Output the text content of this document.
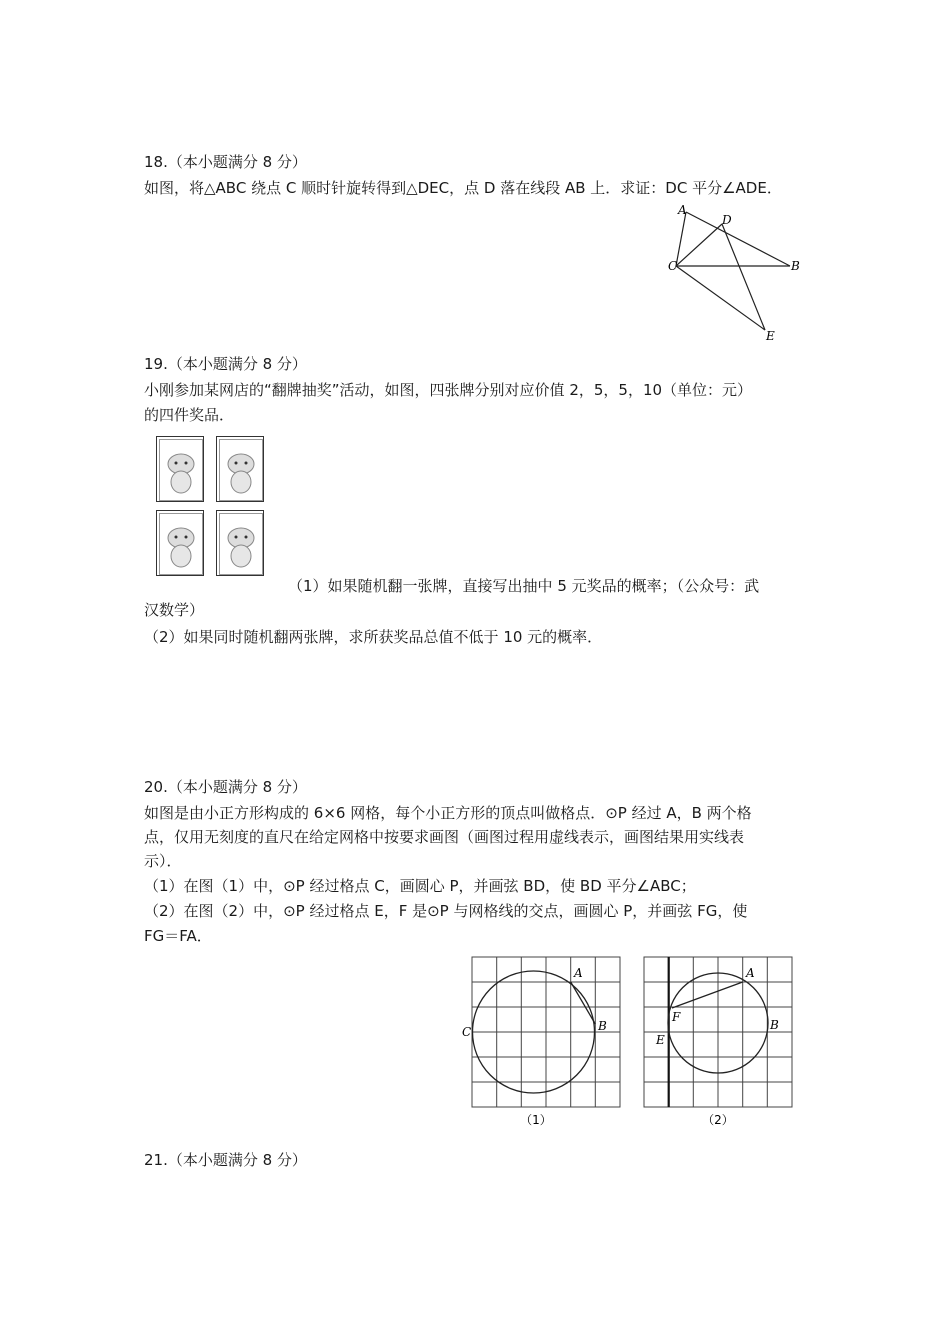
18.（本小题满分 8 分）
如图，将△ABC 绕点 C 顺时针旋转得到△DEC，点 D 落在线段 AB 上．求证：DC 平分∠ADE．
A
D
C	B
E
19.（本小题满分 8 分）
小刚参加某网店的“翻牌抽奖”活动，如图，四张牌分别对应价值 2，5，5，10（单位：元）
的四件奖品．
（1）如果随机翻一张牌，直接写出抽中 5 元奖品的概率；（公众号：武
汉数学）
（2）如果同时随机翻两张牌，求所获奖品总值不低于 10 元的概率．
20.（本小题满分 8 分）
如图是由小正方形构成的 6×6 网格，每个小正方形的顶点叫做格点．⊙P 经过 A，B 两个格
点，仅用无刻度的直尺在给定网格中按要求画图（画图过程用虚线表示，画图结果用实线表
示）．
（1）在图（1）中，⊙P 经过格点 C，画圆心 P，并画弦 BD，使 BD 平分∠ABC；
（2）在图（2）中，⊙P 经过格点 E，F 是⊙P 与网格线的交点，画圆心 P，并画弦 FG，使
FG＝FA．
A
B
C
（1）
A
B
E
F
（2）
21.（本小题满分 8 分）
